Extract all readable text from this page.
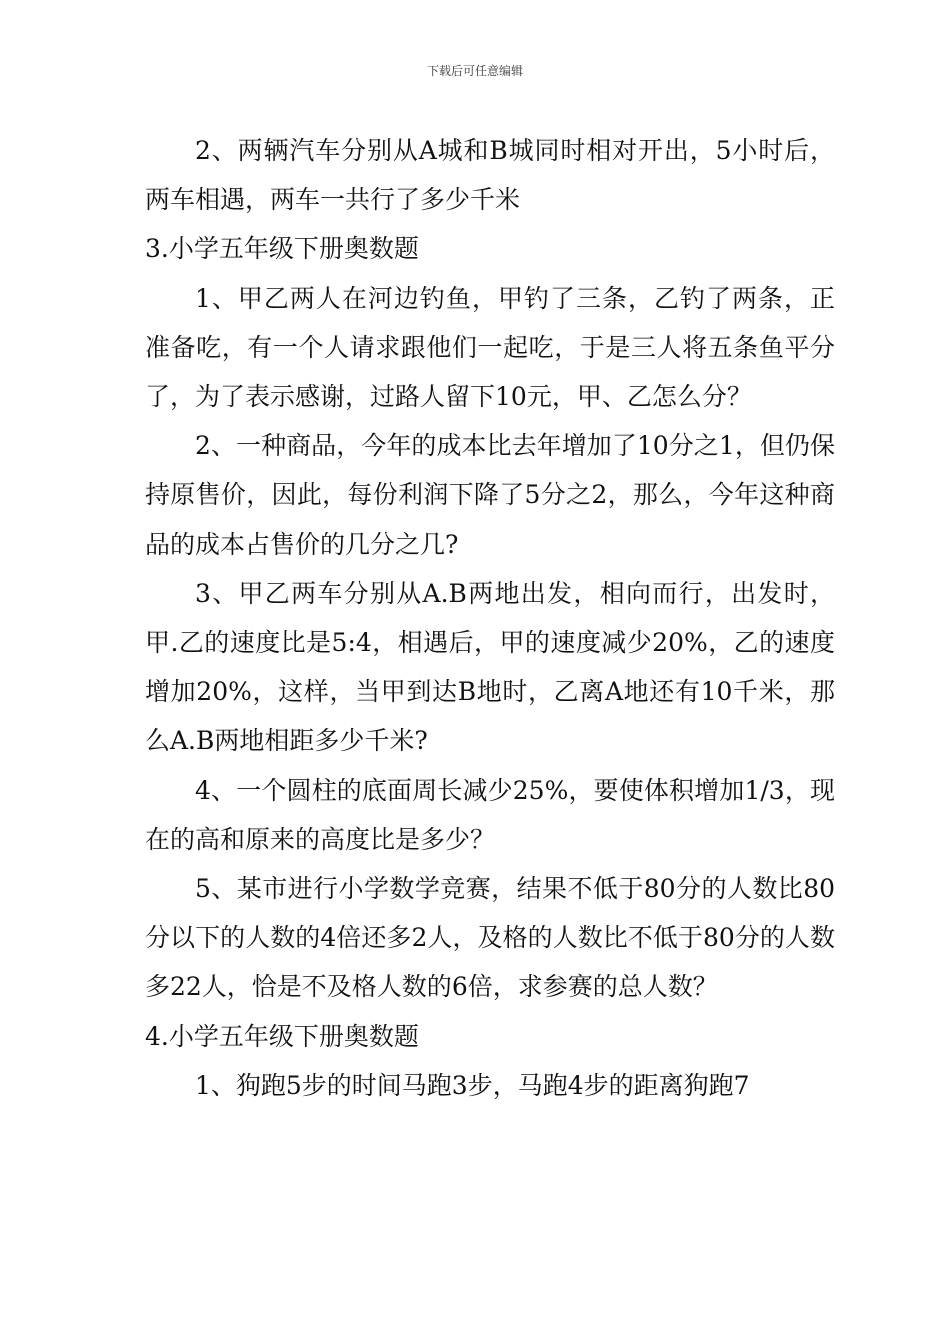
下载后可任意编辑

2、两辆汽车分别从A城和B城同时相对开出，5小时后，两车相遇，两车一共行了多少千米

3.小学五年级下册奥数题

1、甲乙两人在河边钓鱼，甲钓了三条，乙钓了两条，正准备吃，有一个人请求跟他们一起吃，于是三人将五条鱼平分了，为了表示感谢，过路人留下10元，甲、乙怎么分？

2、一种商品，今年的成本比去年增加了10分之1，但仍保持原售价，因此，每份利润下降了5分之2，那么，今年这种商品的成本占售价的几分之几?

3、甲乙两车分别从A.B两地出发，相向而行，出发时，甲.乙的速度比是5:4，相遇后，甲的速度减少20%，乙的速度增加20%，这样，当甲到达B地时，乙离A地还有10千米，那么A.B两地相距多少千米?

4、一个圆柱的底面周长减少25%，要使体积增加1/3，现在的高和原来的高度比是多少？

5、某市进行小学数学竞赛，结果不低于80分的人数比80分以下的人数的4倍还多2人，及格的人数比不低于80分的人数多22人，恰是不及格人数的6倍，求参赛的总人数？

4.小学五年级下册奥数题

1、狗跑5步的时间马跑3步，马跑4步的距离狗跑7
